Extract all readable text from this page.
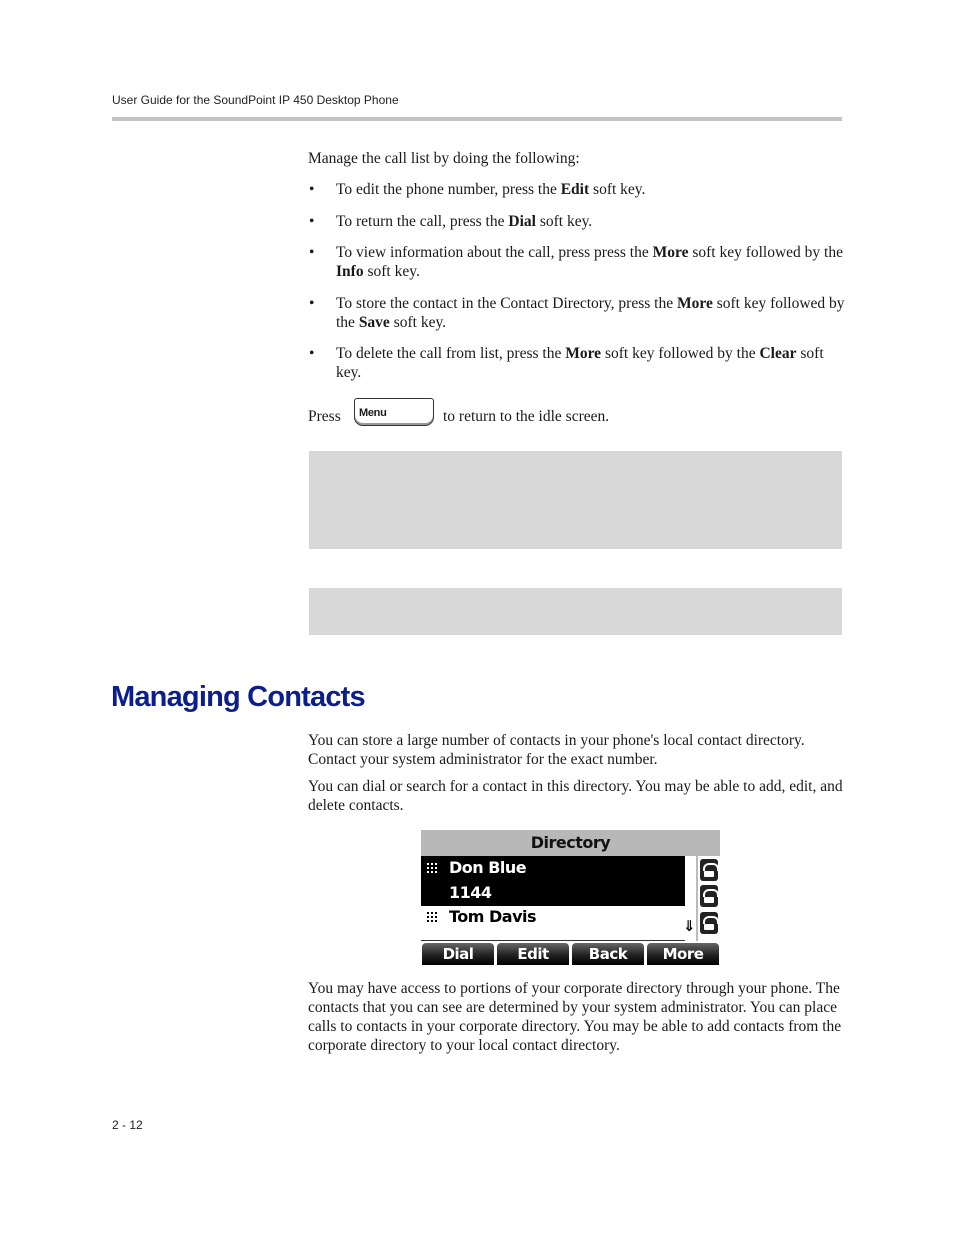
User Guide for the SoundPoint IP 450 Desktop Phone
Manage the call list by doing the following:
• To edit the phone number, press the Edit soft key.
• To return the call, press the Dial soft key.
• To view information about the call, press press the More soft key followed by the Info soft key.
• To store the contact in the Contact Directory, press the More soft key followed by the Save soft key.
• To delete the call from list, press the More soft key followed by the Clear soft key.
Press Menu	to return to the idle screen.
Managing Contacts
You can store a large number of contacts in your phone's local contact directory. Contact your system administrator for the exact number.
You can dial or search for a contact in this directory. You may be able to add, edit, and delete contacts.
Directory
Don Blue
1144
Tom Davis	⇓
Dial	Edit	Back	More
You may have access to portions of your corporate directory through your phone. The contacts that you can see are determined by your system administrator. You can place calls to contacts in your corporate directory. You may be able to add contacts from the corporate directory to your local contact directory.
2 - 12
